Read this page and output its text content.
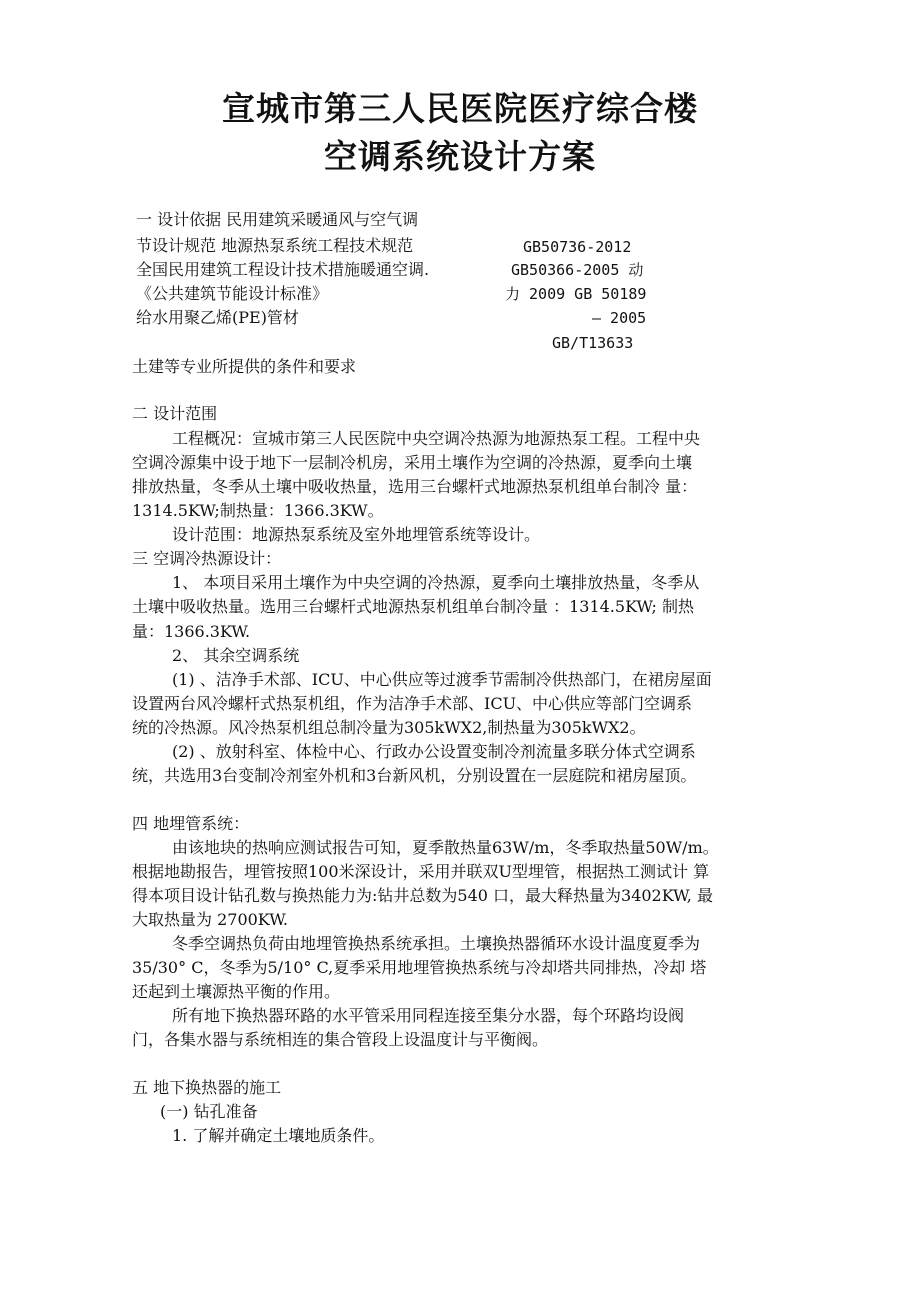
宣城市第三人民医院医疗综合楼
空调系统设计方案
一 设计依据 民用建筑采暖通风与空气调
节设计规范 地源热泵系统工程技术规范
全国民用建筑工程设计技术措施暖通空调.
《公共建筑节能设计标准》
给水用聚乙烯(PE)管材
GB50736-2012
GB50366-2005 动
力 2009 GB 50189
— 2005
GB/T13633
土建等专业所提供的条件和要求
二 设计范围
工程概况：宣城市第三人民医院中央空调冷热源为地源热泵工程。工程中央
空调冷源集中设于地下一层制冷机房，采用土壤作为空调的冷热源，夏季向土壤
排放热量，冬季从土壤中吸收热量，选用三台螺杆式地源热泵机组单台制冷 量：
1314.5KW;制热量：1366.3KW。
设计范围：地源热泵系统及室外地埋管系统等设计。
三 空调冷热源设计：
1、 本项目采用土壤作为中央空调的冷热源，夏季向土壤排放热量，冬季从
土壤中吸收热量。选用三台螺杆式地源热泵机组单台制冷量 ：1314.5KW; 制热
量：1366.3KW.
2、 其余空调系统
(1) 、洁净手术部、ICU、中心供应等过渡季节需制冷供热部门，在裙房屋面
设置两台风冷螺杆式热泵机组，作为洁净手术部、ICU、中心供应等部门空调系
统的冷热源。风冷热泵机组总制冷量为305kWX2,制热量为305kWX2。
(2) 、放射科室、体检中心、行政办公设置变制冷剂流量多联分体式空调系
统，共选用3台变制冷剂室外机和3台新风机，分别设置在一层庭院和裙房屋顶。
四 地埋管系统：
由该地块的热响应测试报告可知，夏季散热量63W/m，冬季取热量50W/m。
根据地勘报告，埋管按照100米深设计，采用并联双U型埋管，根据热工测试计 算
得本项目设计钻孔数与换热能力为:钻井总数为540 口，最大释热量为3402KW, 最
大取热量为 2700KW.
冬季空调热负荷由地埋管换热系统承担。土壤换热器循环水设计温度夏季为
35/30° C，冬季为5/10° C,夏季采用地埋管换热系统与冷却塔共同排热，冷却 塔
还起到土壤源热平衡的作用。
所有地下换热器环路的水平管采用同程连接至集分水器，每个环路均设阀
门，各集水器与系统相连的集合管段上设温度计与平衡阀。
五 地下换热器的施工
(一) 钻孔准备
1. 了解并确定土壤地质条件。
